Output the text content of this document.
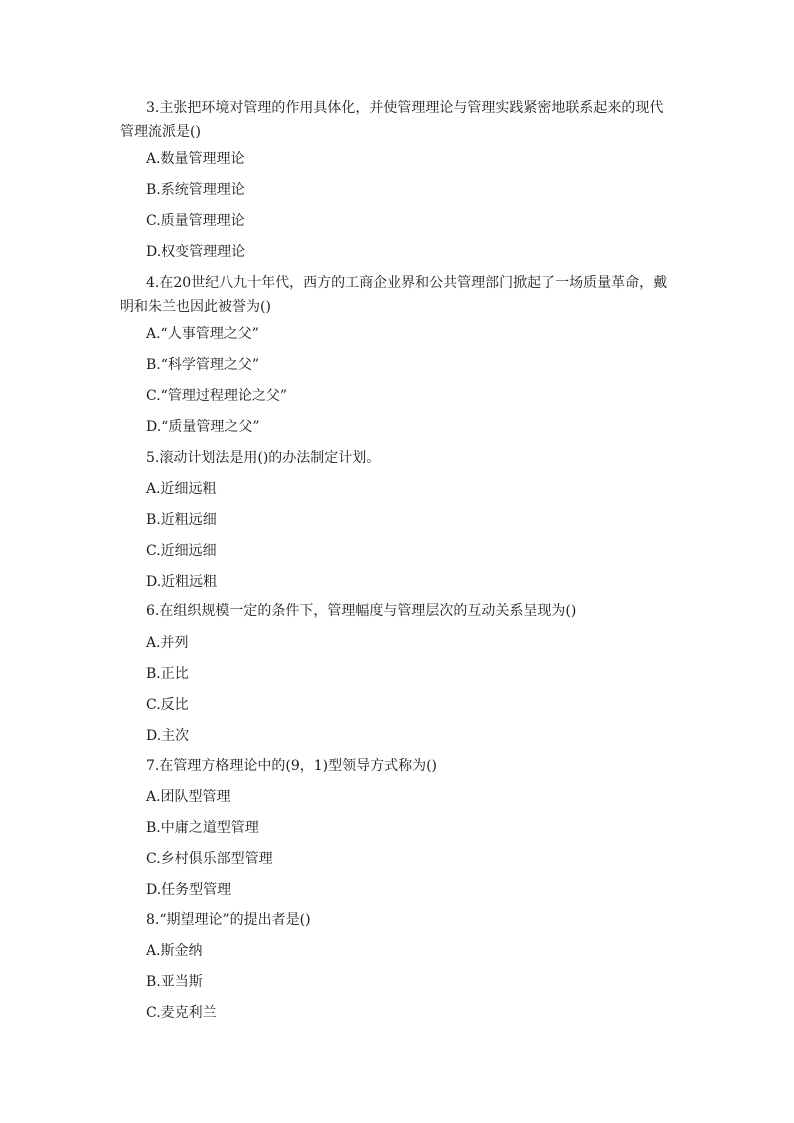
3.主张把环境对管理的作用具体化，并使管理理论与管理实践紧密地联系起来的现代
管理流派是()
A.数量管理理论
B.系统管理理论
C.质量管理理论
D.权变管理理论
4.在20世纪八九十年代，西方的工商企业界和公共管理部门掀起了一场质量革命，戴
明和朱兰也因此被誉为()
A.“人事管理之父”
B.“科学管理之父”
C.“管理过程理论之父”
D.“质量管理之父”
5.滚动计划法是用()的办法制定计划。
A.近细远粗
B.近粗远细
C.近细远细
D.近粗远粗
6.在组织规模一定的条件下，管理幅度与管理层次的互动关系呈现为()
A.并列
B.正比
C.反比
D.主次
7.在管理方格理论中的(9，1)型领导方式称为()
A.团队型管理
B.中庸之道型管理
C.乡村俱乐部型管理
D.任务型管理
8.“期望理论”的提出者是()
A.斯金纳
B.亚当斯
C.麦克利兰
